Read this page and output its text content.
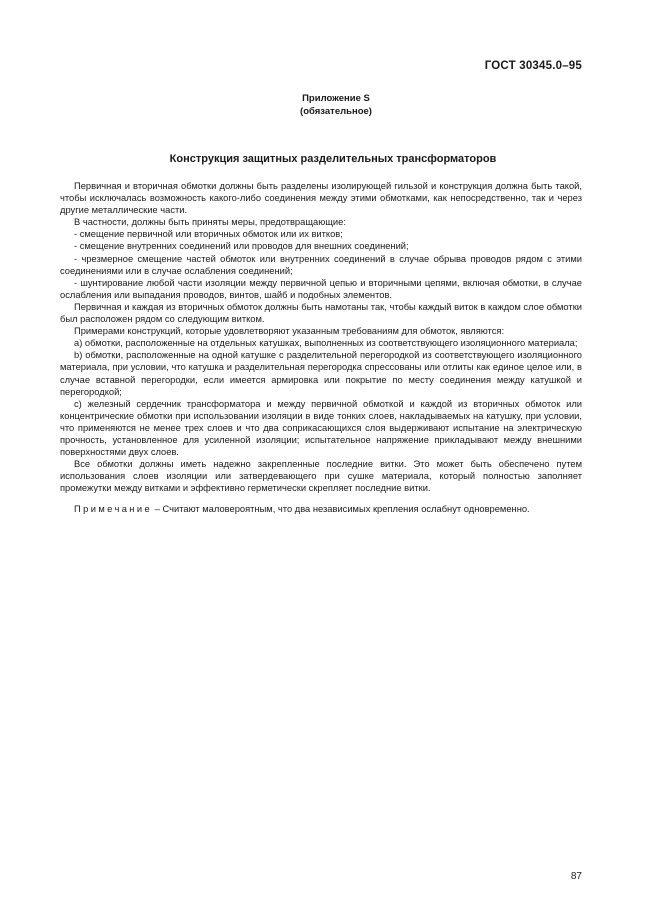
ГОСТ 30345.0–95
Приложение S
(обязательное)
Конструкция защитных разделительных трансформаторов

Первичная и вторичная обмотки должны быть разделены изолирующей гильзой и конструкция должна быть такой, чтобы исключалась возможность какого-либо соединения между этими обмотками, как непосредственно, так и через другие металлические части.

В частности, должны быть приняты меры, предотвращающие:

- смещение первичной или вторичных обмоток или их витков;

- смещение внутренних соединений или проводов для внешних соединений;

- чрезмерное смещение частей обмоток или внутренних соединений в случае обрыва проводов рядом с этими соединениями или в случае ослабления соединений;

- шунтирование любой части изоляции между первичной цепью и вторичными цепями, включая обмотки, в случае ослабления или выпадания проводов, винтов, шайб и подобных элементов.

Первичная и каждая из вторичных обмоток должны быть намотаны так, чтобы каждый виток в каждом слое обмотки был расположен рядом со следующим витком.

Примерами конструкций, которые удовлетворяют указанным требованиям для обмоток, являются:

а) обмотки, расположенные на отдельных катушках, выполненных из соответствующего изоляционного материала;

b) обмотки, расположенные на одной катушке с разделительной перегородкой из соответствующего изоляционного материала, при условии, что катушка и разделительная перегородка спрессованы или отлиты как единое целое или, в случае вставной перегородки, если имеется армировка или покрытие по месту соединения между катушкой и перегородкой;

с) железный сердечник трансформатора и между первичной обмоткой и каждой из вторичных обмоток или концентрические обмотки при использовании изоляции в виде тонких слоев, накладываемых на катушку, при условии, что применяются не менее трех слоев и что два соприкасающихся слоя выдерживают испытание на электрическую прочность, установленное для усиленной изоляции; испытательное напряжение прикладывают между внешними поверхностями двух слоев.

Все обмотки должны иметь надежно закрепленные последние витки. Это может быть обеспечено путем использования слоев изоляции или затвердевающего при сушке материала, который полностью заполняет промежутки между витками и эффективно герметически скрепляет последние витки.

Примечание – Считают маловероятным, что два независимых крепления ослабнут одновременно.

87
